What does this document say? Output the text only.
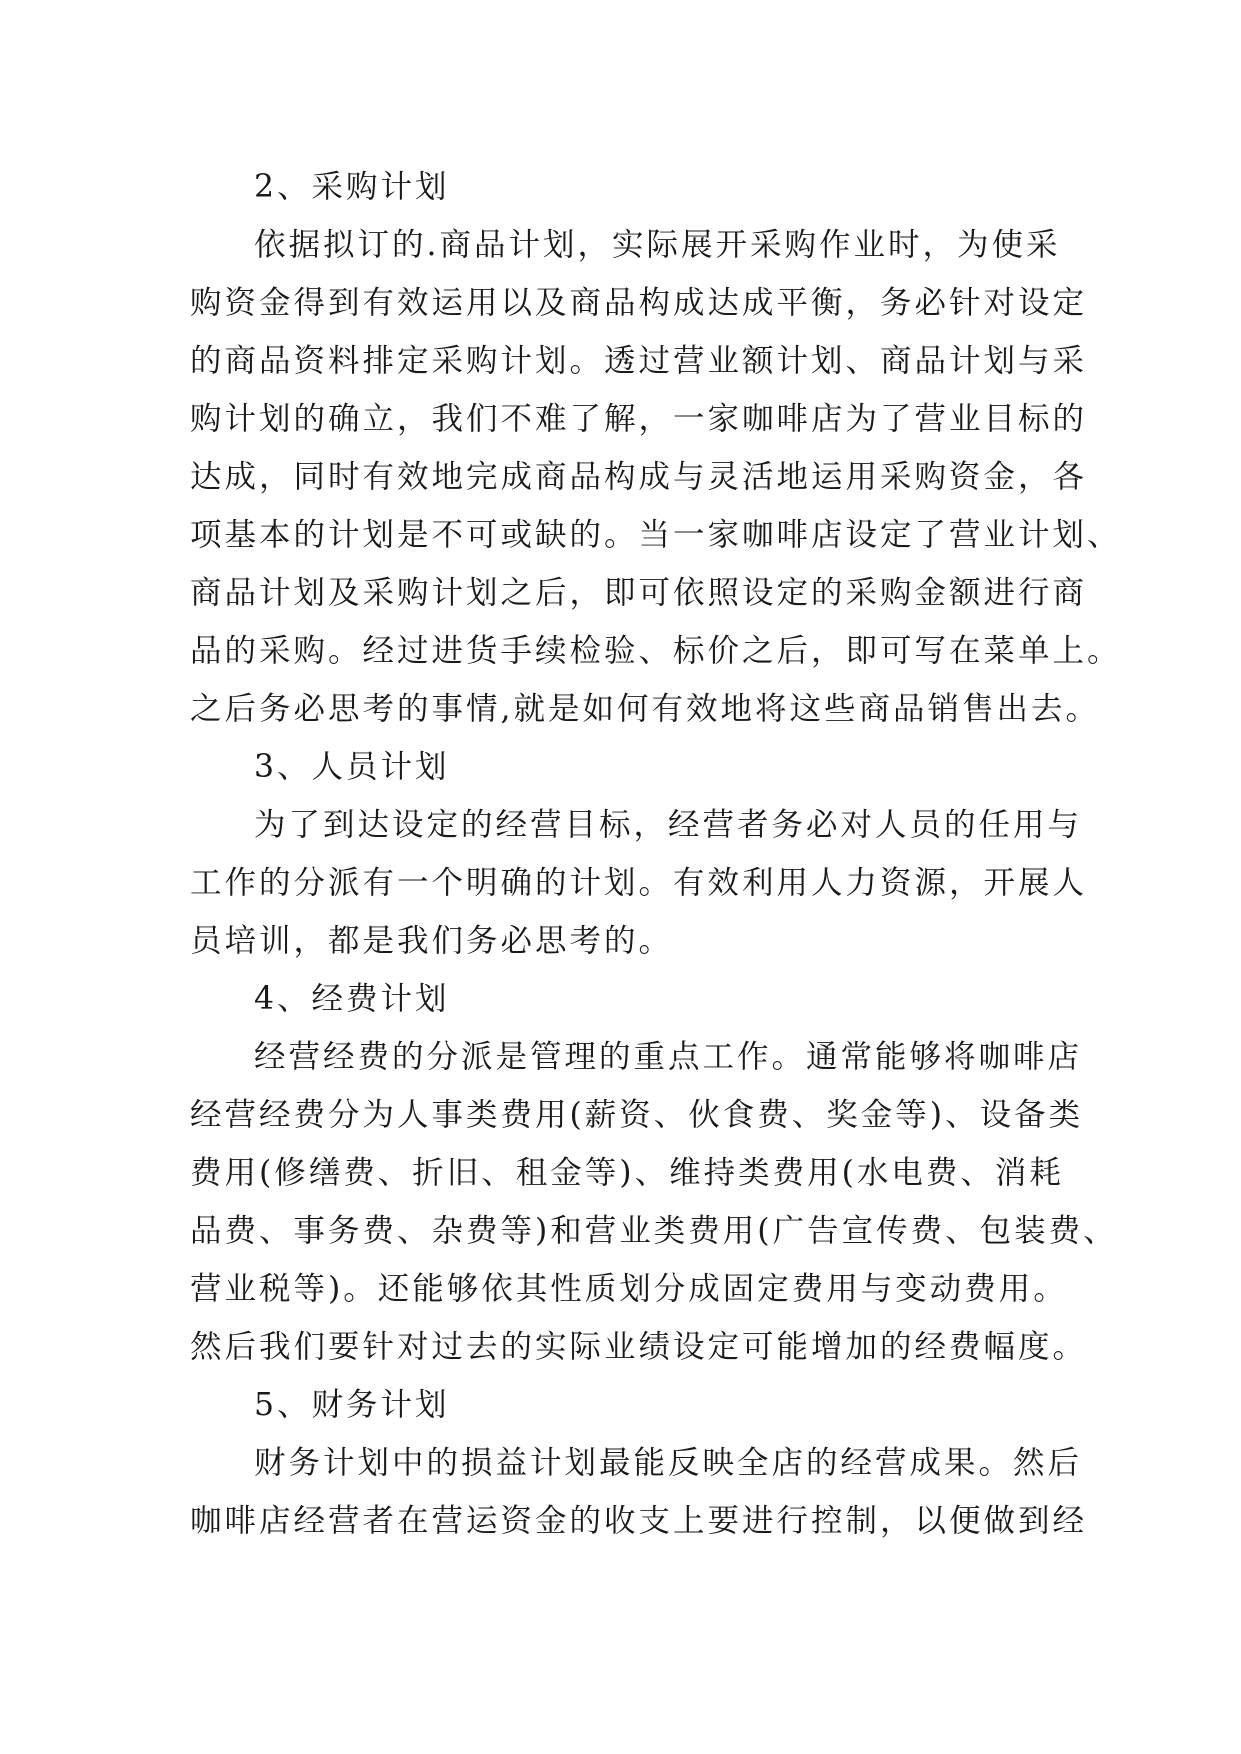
2、采购计划
依据拟订的.商品计划，实际展开采购作业时，为使采
购资金得到有效运用以及商品构成达成平衡，务必针对设定
的商品资料排定采购计划。透过营业额计划、商品计划与采
购计划的确立，我们不难了解，一家咖啡店为了营业目标的
达成，同时有效地完成商品构成与灵活地运用采购资金，各
项基本的计划是不可或缺的。当一家咖啡店设定了营业计划、
商品计划及采购计划之后，即可依照设定的采购金额进行商
品的采购。经过进货手续检验、标价之后，即可写在菜单上。
之后务必思考的事情,就是如何有效地将这些商品销售出去。
3、人员计划
为了到达设定的经营目标，经营者务必对人员的任用与
工作的分派有一个明确的计划。有效利用人力资源，开展人
员培训，都是我们务必思考的。
4、经费计划
经营经费的分派是管理的重点工作。通常能够将咖啡店
经营经费分为人事类费用(薪资、伙食费、奖金等)、设备类
费用(修缮费、折旧、租金等)、维持类费用(水电费、消耗
品费、事务费、杂费等)和营业类费用(广告宣传费、包装费、
营业税等)。还能够依其性质划分成固定费用与变动费用。
然后我们要针对过去的实际业绩设定可能增加的经费幅度。
5、财务计划
财务计划中的损益计划最能反映全店的经营成果。然后
咖啡店经营者在营运资金的收支上要进行控制，以便做到经
